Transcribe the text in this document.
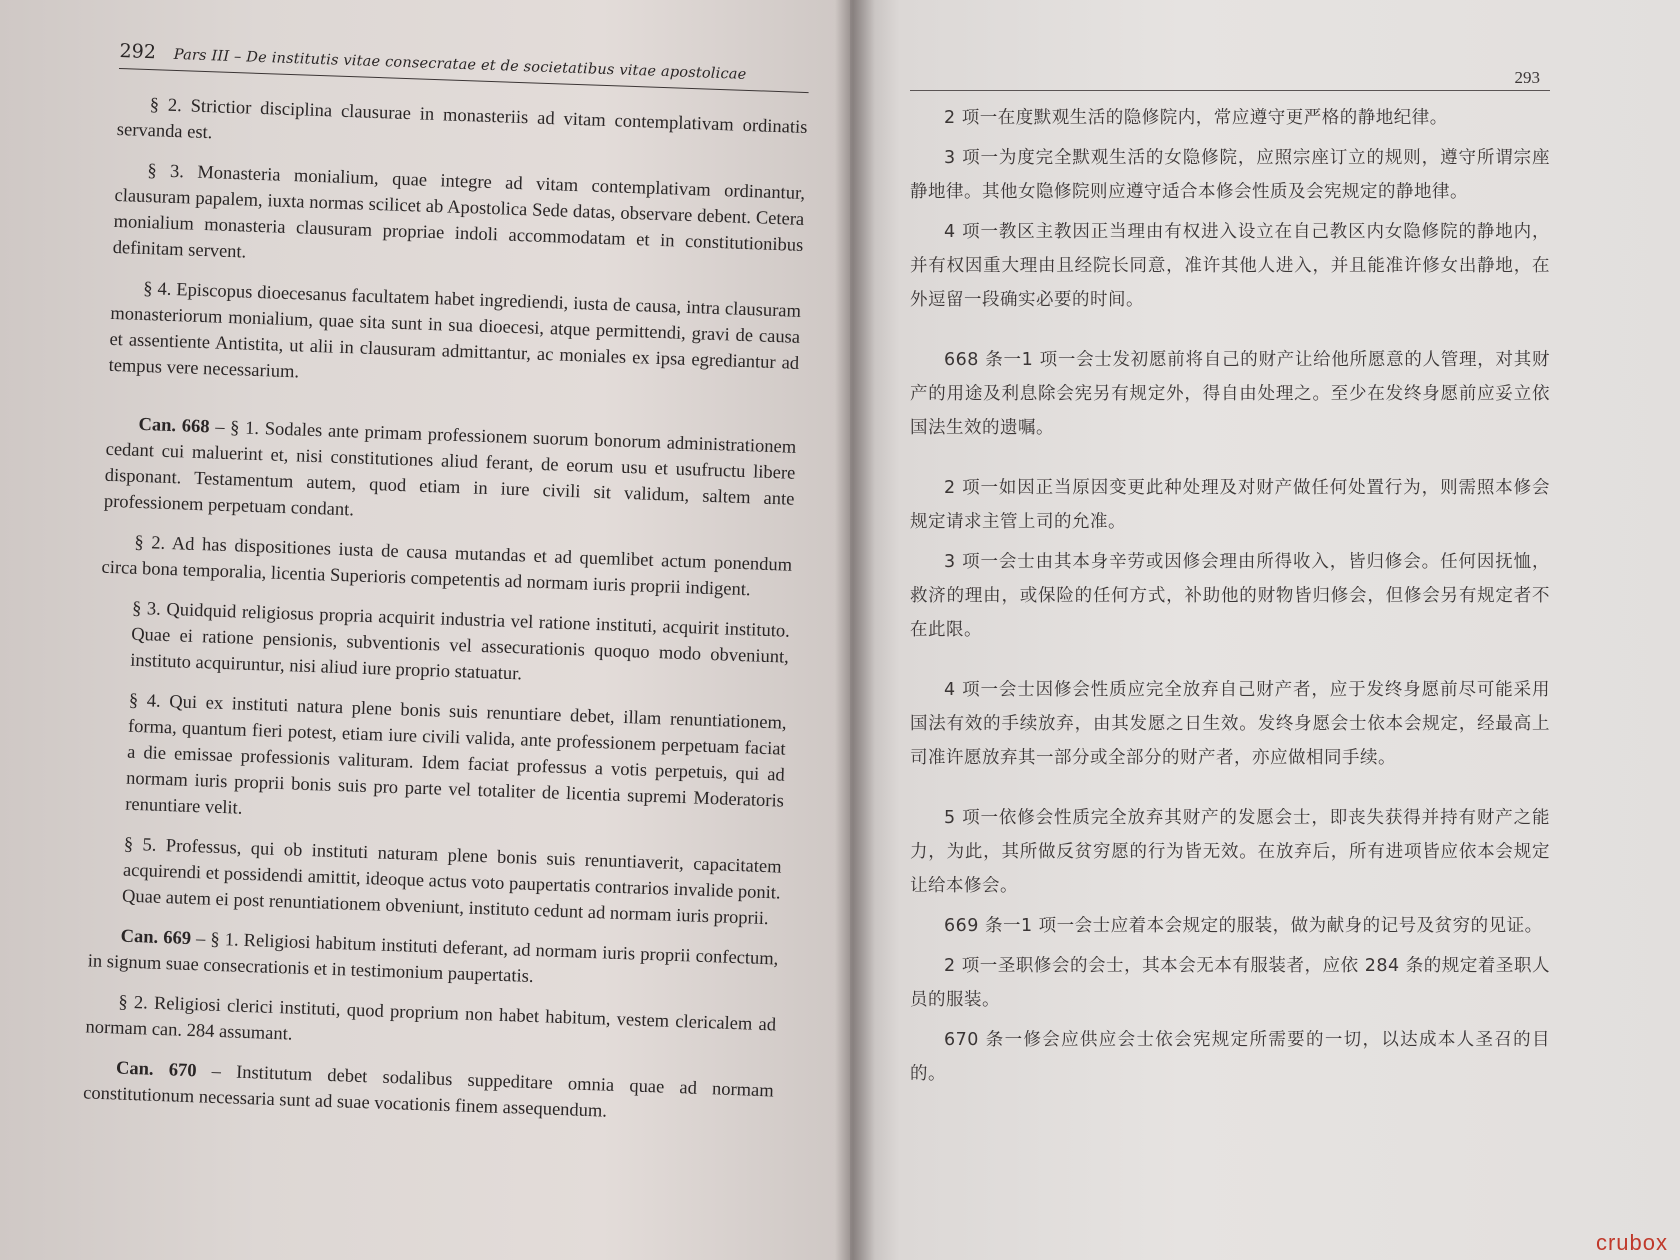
292 Pars III – De institutis vitae consecratae et de societatibus vitae apostolicae

§ 2. Strictior disciplina clausurae in monasteriis ad vitam contemplativam ordinatis servanda est.

§ 3. Monasteria monialium, quae integre ad vitam contemplativam ordinantur, clausuram papalem, iuxta normas scilicet ab Apostolica Sede datas, observare debent. Cetera monialium monasteria clausuram propriae indoli accommodatam et in constitutionibus definitam servent.

§ 4. Episcopus dioecesanus facultatem habet ingrediendi, iusta de causa, intra clausuram monasteriorum monialium, quae sita sunt in sua dioecesi, atque permittendi, gravi de causa et assentiente Antistita, ut alii in clausuram admittantur, ac moniales ex ipsa egrediantur ad tempus vere necessarium.

Can. 668 – § 1. Sodales ante primam professionem suorum bonorum administrationem cedant cui maluerint et, nisi constitutiones aliud ferant, de eorum usu et usufructu libere disponant. Testamentum autem, quod etiam in iure civili sit validum, saltem ante professionem perpetuam condant.

§ 2. Ad has dispositiones iusta de causa mutandas et ad quemlibet actum ponendum circa bona temporalia, licentia Superioris competentis ad normam iuris proprii indigent.

§ 3. Quidquid religiosus propria acquirit industria vel ratione instituti, acquirit instituto. Quae ei ratione pensionis, subventionis vel assecurationis quoquo modo obveniunt, instituto acquiruntur, nisi aliud iure proprio statuatur.

§ 4. Qui ex instituti natura plene bonis suis renuntiare debet, illam renuntiationem, forma, quantum fieri potest, etiam iure civili valida, ante professionem perpetuam faciat a die emissae professionis valituram. Idem faciat professus a votis perpetuis, qui ad normam iuris proprii bonis suis pro parte vel totaliter de licentia supremi Moderatoris renuntiare velit.

§ 5. Professus, qui ob instituti naturam plene bonis suis renuntiaverit, capacitatem acquirendi et possidendi amittit, ideoque actus voto paupertatis contrarios invalide ponit. Quae autem ei post renuntiationem obveniunt, instituto cedunt ad normam iuris proprii.

Can. 669 – § 1. Religiosi habitum instituti deferant, ad normam iuris proprii confectum, in signum suae consecrationis et in testimonium paupertatis.

§ 2. Religiosi clerici instituti, quod proprium non habet habitum, vestem clericalem ad normam can. 284 assumant.

Can. 670 – Institutum debet sodalibus suppeditare omnia quae ad normam constitutionum necessaria sunt ad suae vocationis finem assequendum.

293

2 项一在度默观生活的隐修院内，常应遵守更严格的静地纪律。

3 项一为度完全默观生活的女隐修院，应照宗座订立的规则，遵守所谓宗座静地律。其他女隐修院则应遵守适合本修会性质及会宪规定的静地律。

4 项一教区主教因正当理由有权进入设立在自己教区内女隐修院的静地内，并有权因重大理由且经院长同意，准许其他人进入，并且能准许修女出静地，在外逗留一段确实必要的时间。

668 条一1 项一会士发初愿前将自己的财产让给他所愿意的人管理，对其财产的用途及利息除会宪另有规定外，得自由处理之。至少在发终身愿前应妥立依国法生效的遗嘱。

2 项一如因正当原因变更此种处理及对财产做任何处置行为，则需照本修会规定请求主管上司的允准。

3 项一会士由其本身辛劳或因修会理由所得收入，皆归修会。任何因抚恤，救济的理由，或保险的任何方式，补助他的财物皆归修会，但修会另有规定者不在此限。

4 项一会士因修会性质应完全放弃自己财产者，应于发终身愿前尽可能采用国法有效的手续放弃，由其发愿之日生效。发终身愿会士依本会规定，经最高上司准许愿放弃其一部分或全部分的财产者，亦应做相同手续。

5 项一依修会性质完全放弃其财产的发愿会士，即丧失获得并持有财产之能力，为此，其所做反贫穷愿的行为皆无效。在放弃后，所有进项皆应依本会规定让给本修会。

669 条一1 项一会士应着本会规定的服装，做为献身的记号及贫穷的见证。

2 项一圣职修会的会士，其本会无本有服装者，应依 284 条的规定着圣职人员的服装。

670 条一修会应供应会士依会宪规定所需要的一切，以达成本人圣召的目的。

crubox
